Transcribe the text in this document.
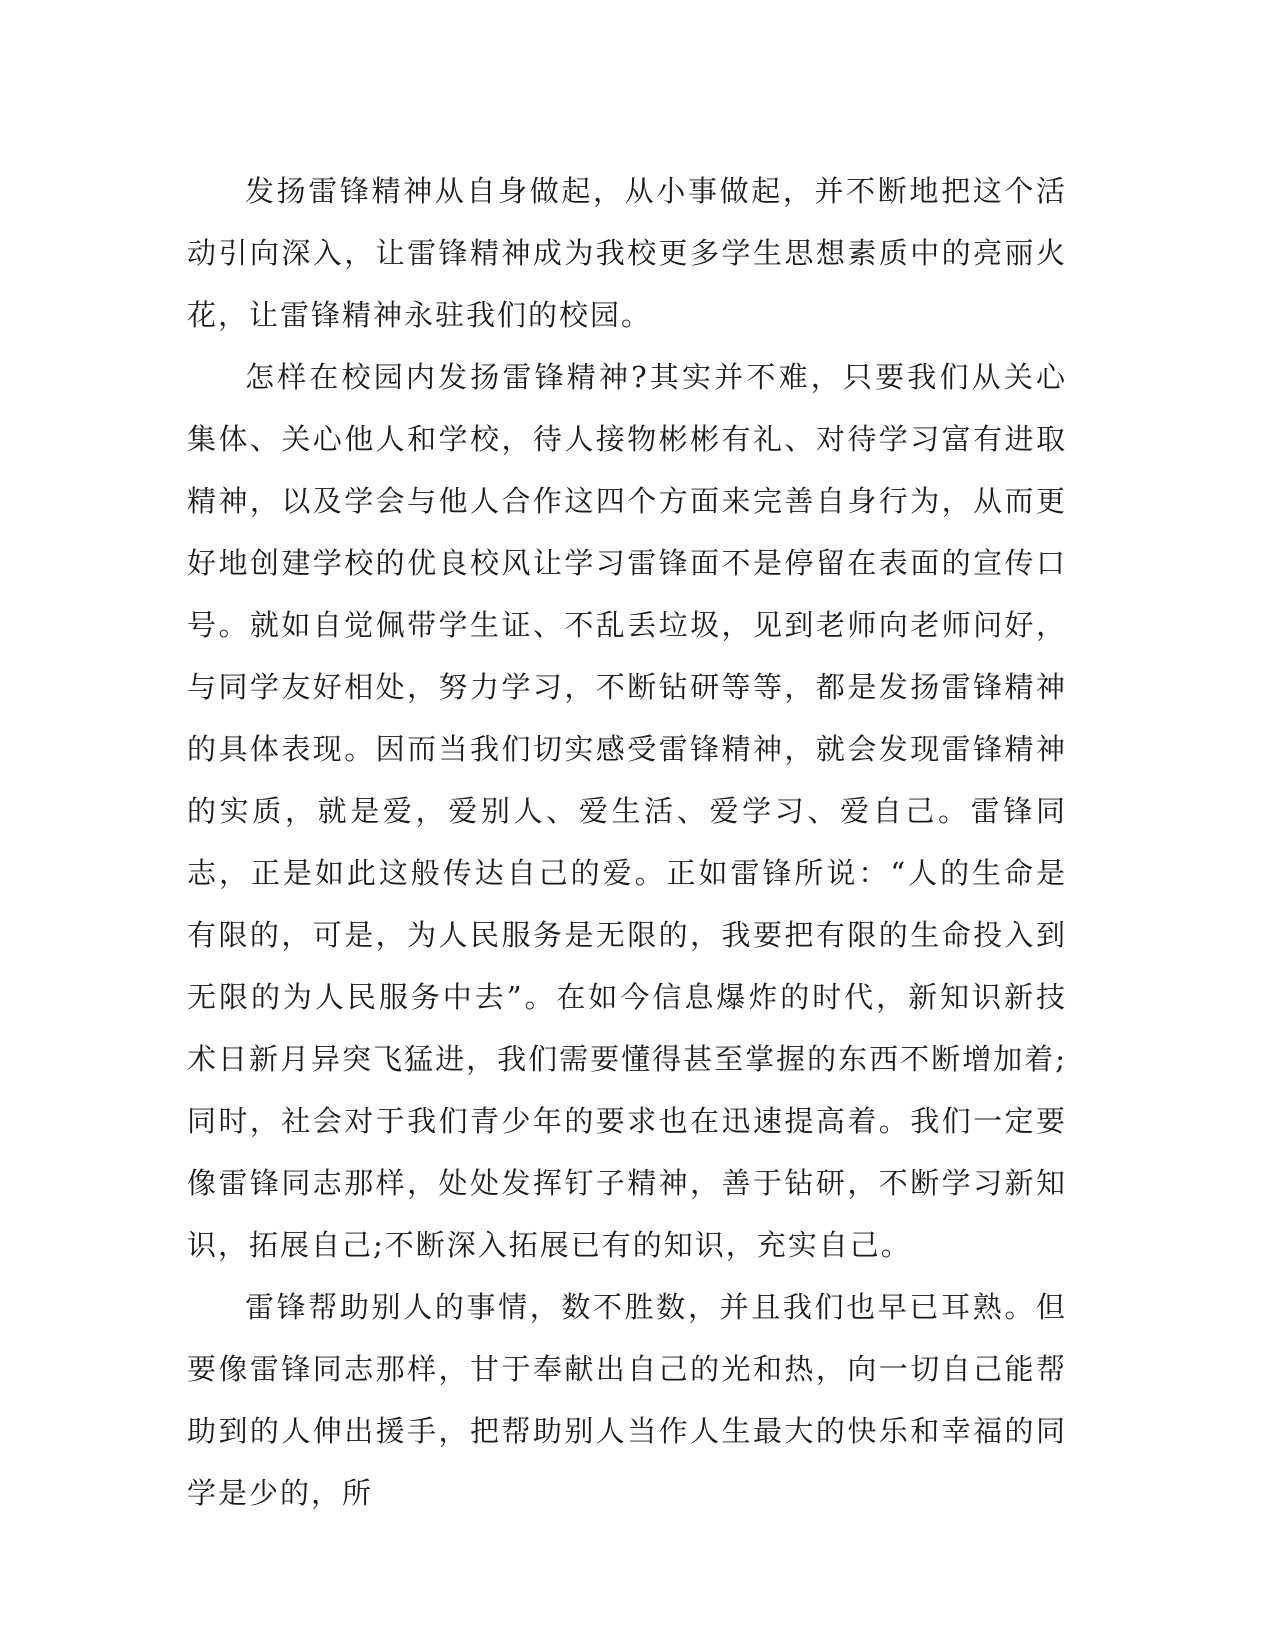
发扬雷锋精神从自身做起，从小事做起，并不断地把这个活动引向深入，让雷锋精神成为我校更多学生思想素质中的亮丽火花，让雷锋精神永驻我们的校园。

怎样在校园内发扬雷锋精神?其实并不难，只要我们从关心集体、关心他人和学校，待人接物彬彬有礼、对待学习富有进取精神，以及学会与他人合作这四个方面来完善自身行为，从而更好地创建学校的优良校风让学习雷锋面不是停留在表面的宣传口号。就如自觉佩带学生证、不乱丢垃圾，见到老师向老师问好，与同学友好相处，努力学习，不断钻研等等，都是发扬雷锋精神的具体表现。因而当我们切实感受雷锋精神，就会发现雷锋精神的实质，就是爱，爱别人、爱生活、爱学习、爱自己。雷锋同志，正是如此这般传达自己的爱。正如雷锋所说：“人的生命是有限的，可是，为人民服务是无限的，我要把有限的生命投入到无限的为人民服务中去”。在如今信息爆炸的时代，新知识新技术日新月异突飞猛进，我们需要懂得甚至掌握的东西不断增加着;同时，社会对于我们青少年的要求也在迅速提高着。我们一定要像雷锋同志那样，处处发挥钉子精神，善于钻研，不断学习新知识，拓展自己;不断深入拓展已有的知识，充实自己。

雷锋帮助别人的事情，数不胜数，并且我们也早已耳熟。但要像雷锋同志那样，甘于奉献出自己的光和热，向一切自己能帮助到的人伸出援手，把帮助别人当作人生最大的快乐和幸福的同学是少的，所
